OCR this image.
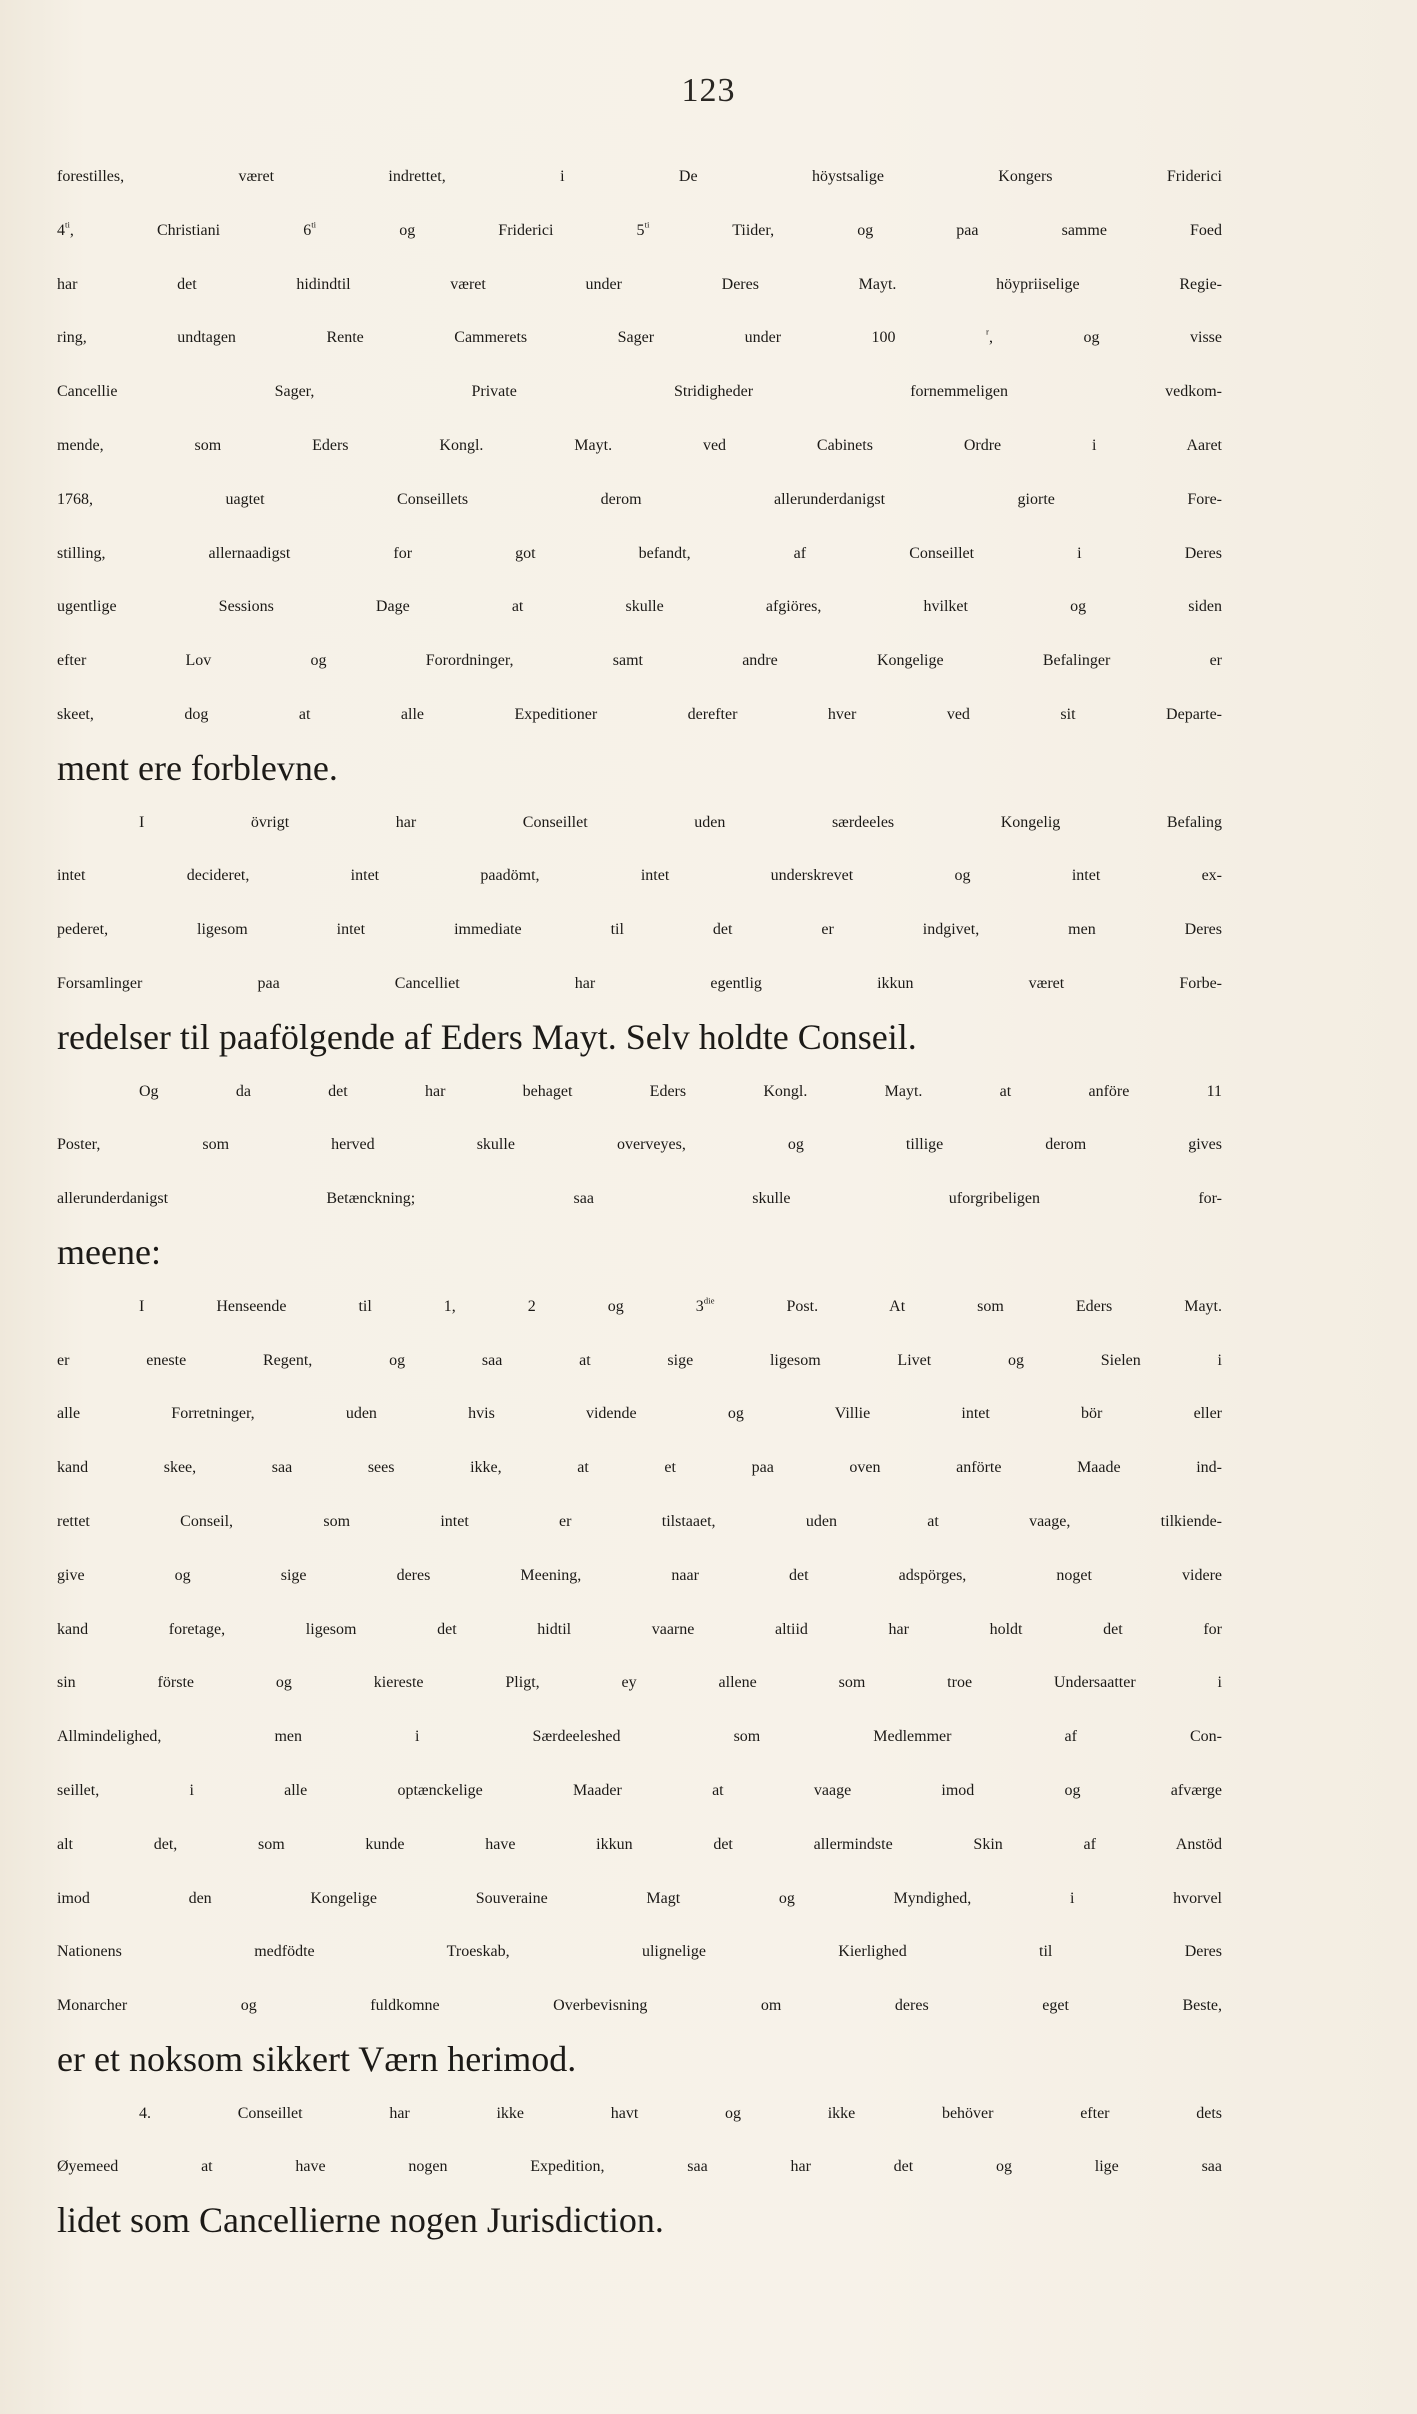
123
forestilles, været indrettet, i De höystsalige Kongers Friderici
$4^{ti}$, Christiani $6^{ti}$ og Friderici $5^{ti}$ Tiider, og paa samme Foed
har det hidindtil været under Deres Mayt. höypriiselige Regie-
ring, undtagen Rente Cammerets Sager under 100 $^r$, og visse
Cancellie Sager, Private Stridigheder fornemmeligen vedkom-
mende, som Eders Kongl. Mayt. ved Cabinets Ordre i Aaret
1768, uagtet Conseillets derom allerunderdanigst giorte Fore-
stilling, allernaadigst for got befandt, af Conseillet i Deres
ugentlige Sessions Dage at skulle afgiöres, hvilket og siden
efter Lov og Forordninger, samt andre Kongelige Befalinger er
skeet, dog at alle Expeditioner derefter hver ved sit Departe-
ment ere forblevne.
I övrigt har Conseillet uden særdeeles Kongelig Befaling
intet decideret, intet paadömt, intet underskrevet og intet ex-
pederet, ligesom intet immediate til det er indgivet, men Deres
Forsamlinger paa Cancelliet har egentlig ikkun været Forbe-
redelser til paafölgende af Eders Mayt. Selv holdte Conseil.
Og da det har behaget Eders Kongl. Mayt. at anföre 11
Poster, som herved skulle overveyes, og tillige derom gives
allerunderdanigst Betænckning; saa skulle uforgribeligen for-
meene:
I Henseende til 1, 2 og $3^{die}$ Post. At som Eders Mayt.
er eneste Regent, og saa at sige ligesom Livet og Sielen i
alle Forretninger, uden hvis vidende og Villie intet bör eller
kand skee, saa sees ikke, at et paa oven anförte Maade ind-
rettet Conseil, som intet er tilstaaet, uden at vaage, tilkiende-
give og sige deres Meening, naar det adspörges, noget videre
kand foretage, ligesom det hidtil vaarne altiid har holdt det for
sin förste og kiereste Pligt, ey allene som troe Undersaatter i
Allmindelighed, men i Særdeeleshed som Medlemmer af Con-
seillet, i alle optænckelige Maader at vaage imod og afværge
alt det, som kunde have ikkun det allermindste Skin af Anstöd
imod den Kongelige Souveraine Magt og Myndighed, i hvorvel
Nationens medfödte Troeskab, ulignelige Kierlighed til Deres
Monarcher og fuldkomne Overbevisning om deres eget Beste,
er et noksom sikkert Værn herimod.
4. Conseillet har ikke havt og ikke behöver efter dets
Øyemeed at have nogen Expedition, saa har det og lige saa
lidet som Cancellierne nogen Jurisdiction.
